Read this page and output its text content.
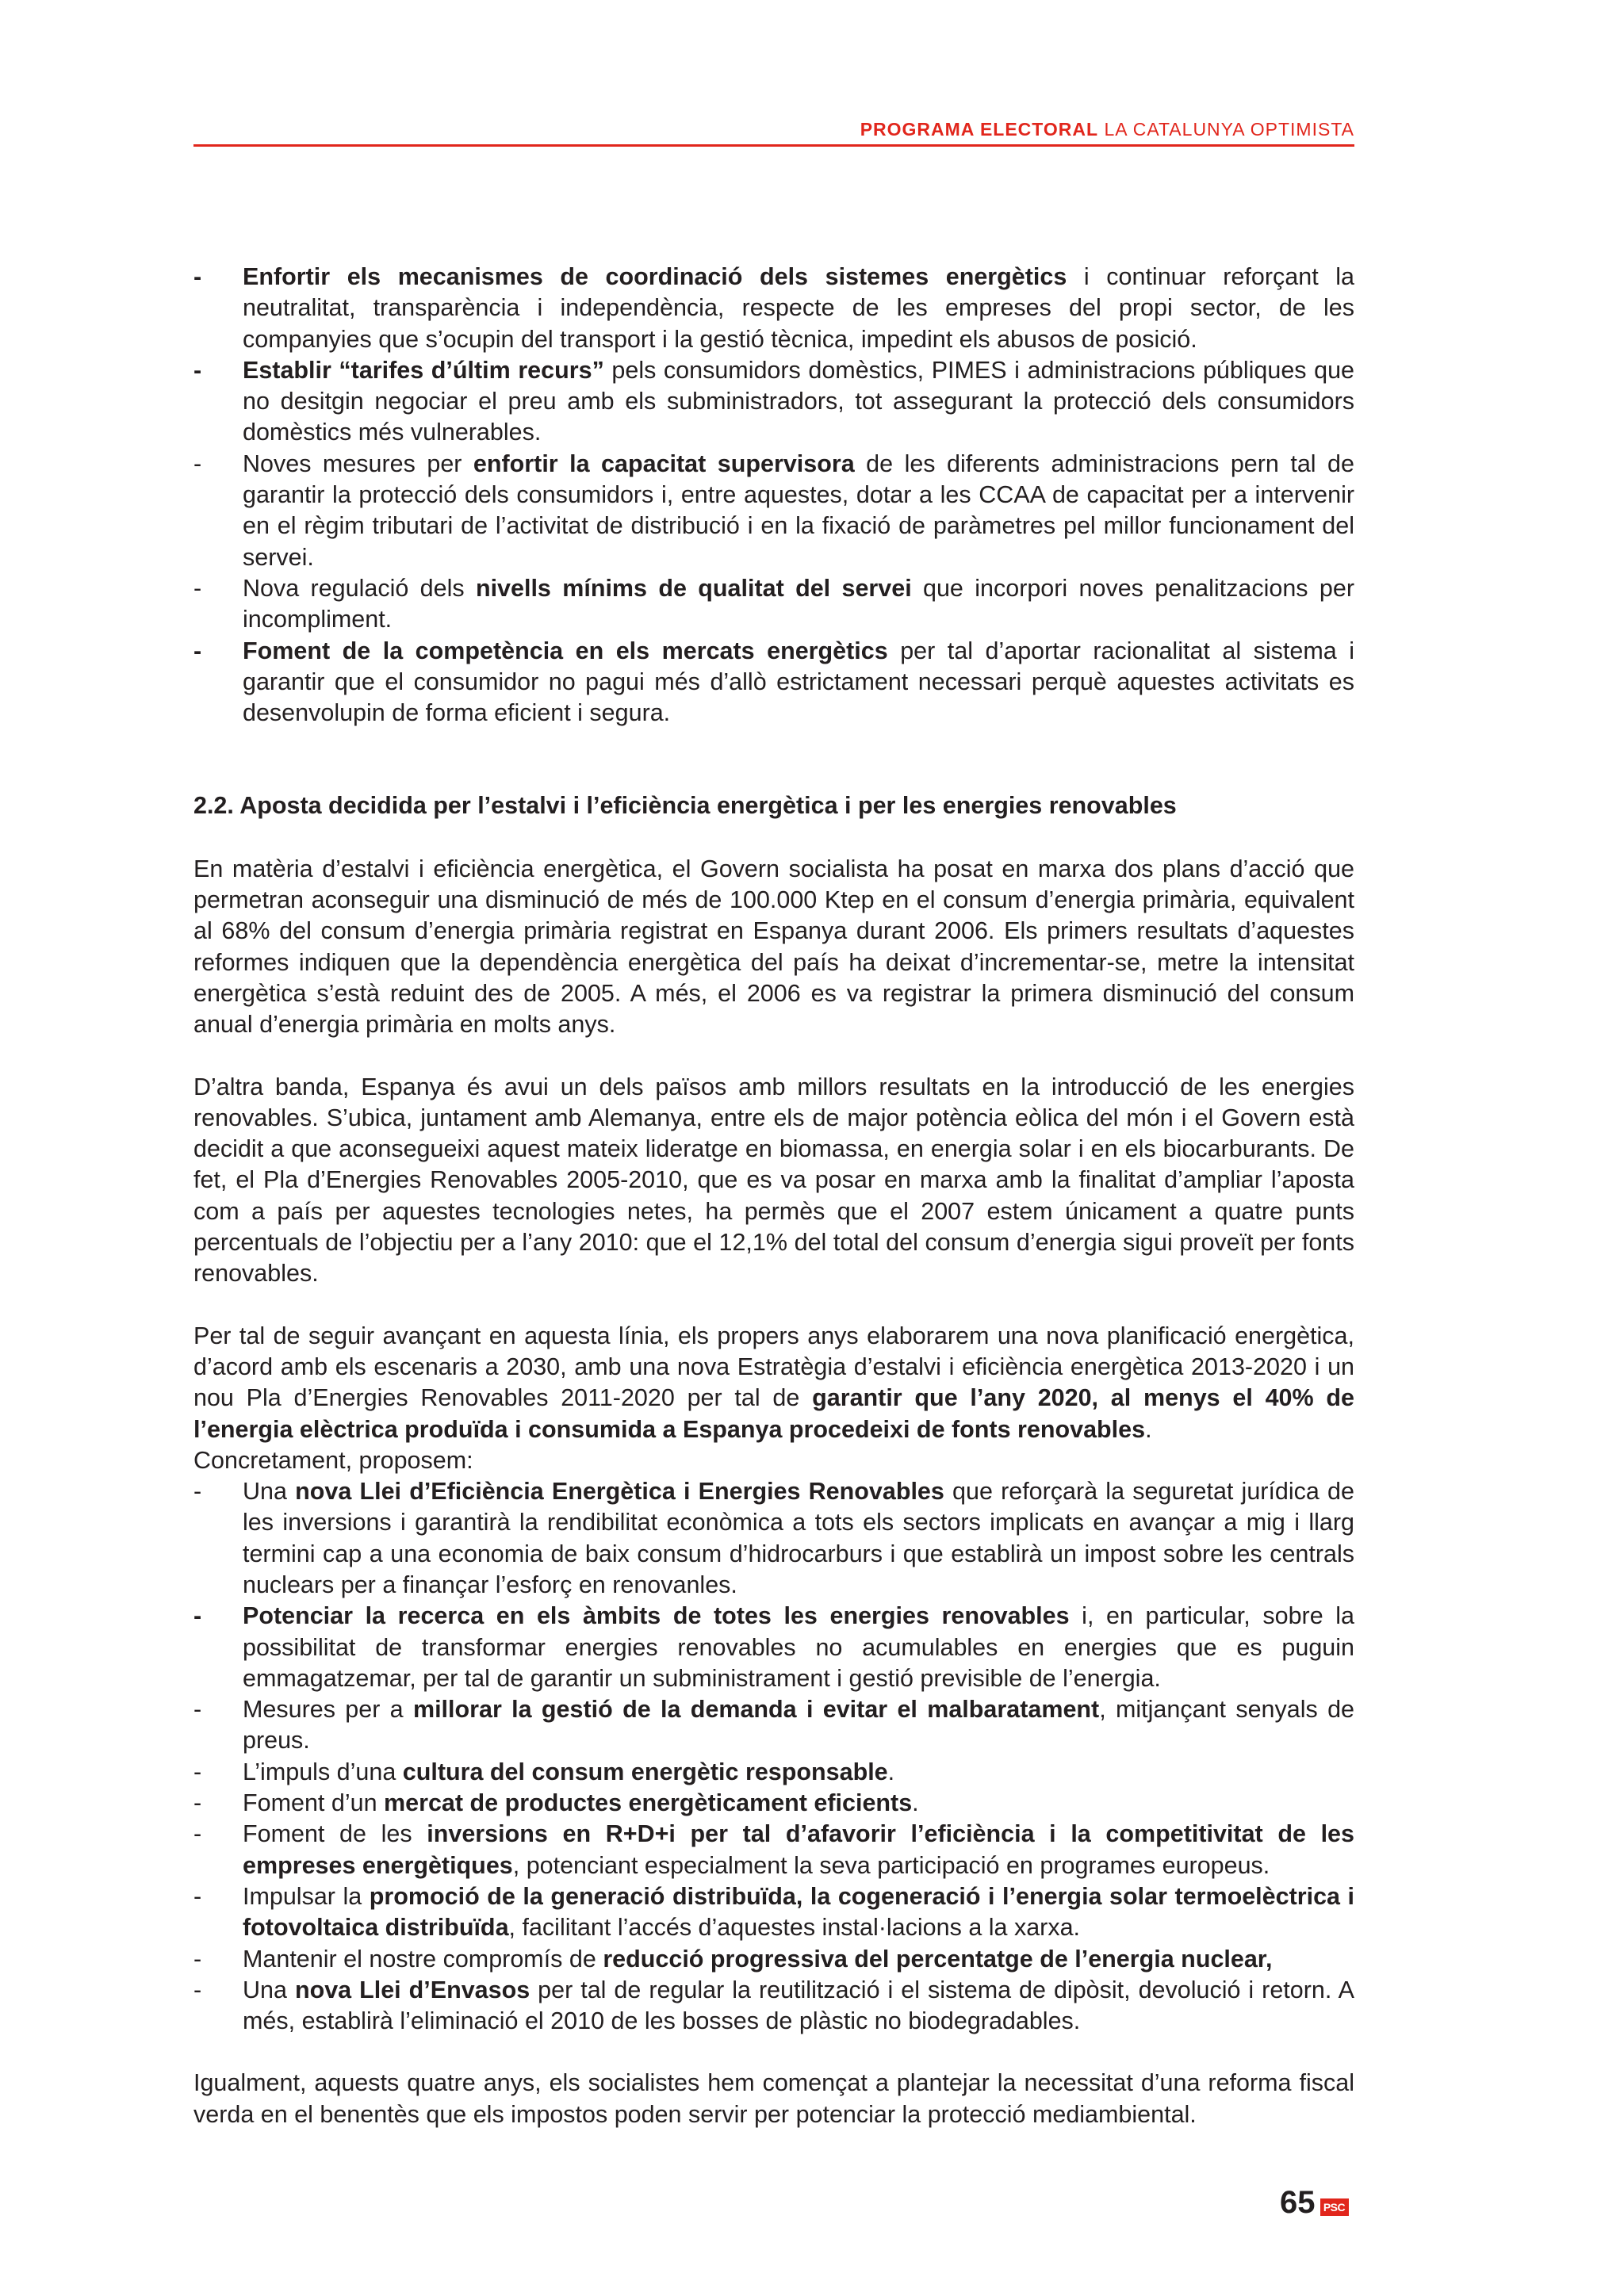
PROGRAMA ELECTORAL LA CATALUNYA OPTIMISTA
- Enfortir els mecanismes de coordinació dels sistemes energètics i continuar reforçant la neutralitat, transparència i independència, respecte de les empreses del propi sector, de les companyies que s’ocupin del transport i la gestió tècnica, impedint els abusos de posició.
- Establir “tarifes d’últim recurs” pels consumidors domèstics, PIMES i administracions públiques que no desitgin negociar el preu amb els subministradors, tot assegurant la protecció dels consumidors domèstics més vulnerables.
- Noves mesures per enfortir la capacitat supervisora de les diferents administracions pern tal de garantir la protecció dels consumidors i, entre aquestes, dotar a les CCAA de capacitat per a intervenir en el règim tributari de l’activitat de distribució i en la fixació de paràmetres pel millor funcionament del servei.
- Nova regulació dels nivells mínims de qualitat del servei que incorpori noves penalitzacions per incompliment.
- Foment de la competència en els mercats energètics per tal d’aportar racionalitat al sistema i garantir que el consumidor no pagui més d’allò estrictament necessari perquè aquestes activitats es desenvolupin de forma eficient i segura.

2.2. Aposta decidida per l’estalvi i l’eficiència energètica i per les energies renovables

En matèria d’estalvi i eficiència energètica, el Govern socialista ha posat en marxa dos plans d’acció que permetran aconseguir una disminució de més de 100.000 Ktep en el consum d’energia primària, equivalent al 68% del consum d’energia primària registrat en Espanya durant 2006. Els primers resultats d’aquestes reformes indiquen que la dependència energètica del país ha deixat d’incrementar-se, metre la intensitat energètica s’està reduint des de 2005. A més, el 2006 es va registrar la primera disminució del consum anual d’energia primària en molts anys.

D’altra banda, Espanya és avui un dels països amb millors resultats en la introducció de les energies renovables. S’ubica, juntament amb Alemanya, entre els de major potència eòlica del món i el Govern està decidit a que aconsegueixi aquest mateix lideratge en biomassa, en energia solar i en els biocarburants. De fet, el Pla d’Energies Renovables 2005-2010, que es va posar en marxa amb la finalitat d’ampliar l’aposta com a país per aquestes tecnologies netes, ha permès que el 2007 estem únicament a quatre punts percentuals de l’objectiu per a l’any 2010: que el 12,1% del total del consum d’energia sigui proveït per fonts renovables.

Per tal de seguir avançant en aquesta línia, els propers anys elaborarem una nova planificació energètica, d’acord amb els escenaris a 2030, amb una nova Estratègia d’estalvi i eficiència energètica 2013-2020 i un nou Pla d’Energies Renovables 2011-2020 per tal de garantir que l’any 2020, al menys el 40% de l’energia elèctrica produïda i consumida a Espanya procedeixi de fonts renovables.

Concretament, proposem:

- Una nova Llei d’Eficiència Energètica i Energies Renovables que reforçarà la seguretat jurídica de les inversions i garantirà la rendibilitat econòmica a tots els sectors implicats en avançar a mig i llarg termini cap a una economia de baix consum d’hidrocarburs i que establirà un impost sobre les centrals nuclears per a finançar l’esforç en renovanles.
- Potenciar la recerca en els àmbits de totes les energies renovables i, en particular, sobre la possibilitat de transformar energies renovables no acumulables en energies que es puguin emmagatzemar, per tal de garantir un subministrament i gestió previsible de l’energia.
- Mesures per a millorar la gestió de la demanda i evitar el malbaratament, mitjançant senyals de preus.
- L’impuls d’una cultura del consum energètic responsable.
- Foment d’un mercat de productes energèticament eficients.
- Foment de les inversions en R+D+i per tal d’afavorir l’eficiència i la competitivitat de les empreses energètiques, potenciant especialment la seva participació en programes europeus.
- Impulsar la promoció de la generació distribuïda, la cogeneració i l’energia solar termoelèctrica i fotovoltaica distribuïda, facilitant l’accés d’aquestes instal·lacions a la xarxa.
- Mantenir el nostre compromís de reducció progressiva del percentatge de l’energia nuclear,
- Una nova Llei d’Envasos per tal de regular la reutilització i el sistema de dipòsit, devolució i retorn. A més, establirà l’eliminació el 2010 de les bosses de plàstic no biodegradables.

Igualment, aquests quatre anys, els socialistes hem començat a plantejar la necessitat d’una reforma fiscal verda en el benentès que els impostos poden servir per potenciar la protecció mediambiental.

65 PSC
